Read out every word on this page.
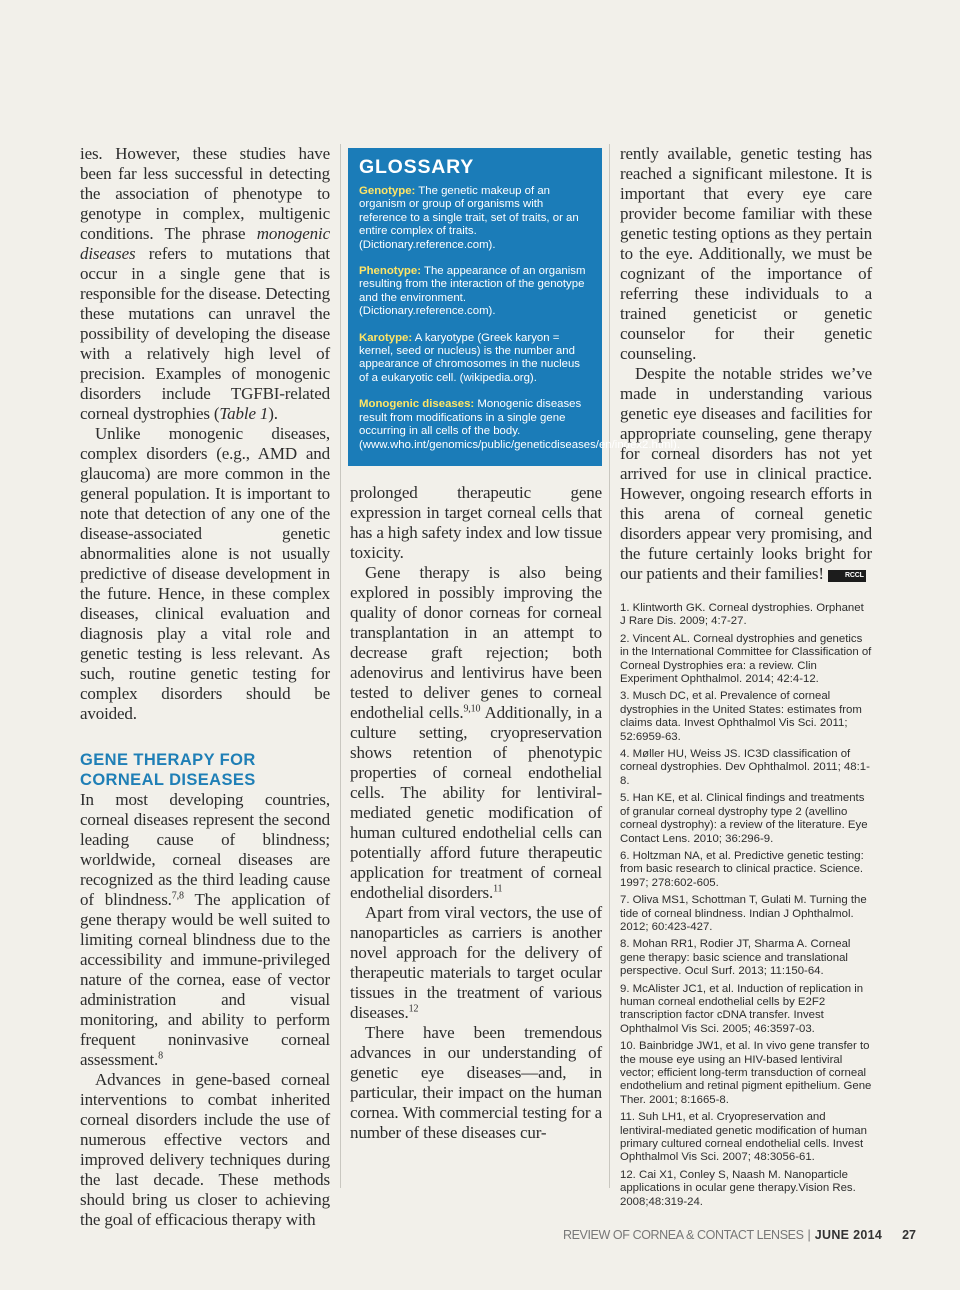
ies. However, these studies have been far less successful in detecting the association of phenotype to genotype in complex, multigenic conditions. The phrase monogenic diseases refers to mutations that occur in a single gene that is responsible for the disease. Detecting these mutations can unravel the possibility of developing the disease with a relatively high level of precision. Examples of monogenic disorders include TGFBI-related corneal dystrophies (Table 1).

Unlike monogenic diseases, complex disorders (e.g., AMD and glaucoma) are more common in the general population. It is important to note that detection of any one of the disease-associated genetic abnormalities alone is not usually predictive of disease development in the future. Hence, in these complex diseases, clinical evaluation and diagnosis play a vital role and genetic testing is less relevant. As such, routine genetic testing for complex disorders should be avoided.

GENE THERAPY FOR
CORNEAL DISEASES

In most developing countries, corneal diseases represent the second leading cause of blindness; worldwide, corneal diseases are recognized as the third leading cause of blindness.$^{7,8}$ The application of gene therapy would be well suited to limiting corneal blindness due to the accessibility and immune-privileged nature of the cornea, ease of vector administration and visual monitoring, and ability to perform frequent noninvasive corneal assessment.$^8$

Advances in gene-based corneal interventions to combat inherited corneal disorders include the use of numerous effective vectors and improved delivery techniques during the last decade. These methods should bring us closer to achieving the goal of efficacious therapy with

GLOSSARY
Genotype: The genetic makeup of an organism or group of organisms with reference to a single trait, set of traits, or an entire complex of traits. (Dictionary.reference.com).
Phenotype: The appearance of an organism resulting from the interaction of the genotype and the environment. (Dictionary.reference.com).
Karotype: A karyotype (Greek karyon = kernel, seed or nucleus) is the number and appearance of chromosomes in the nucleus of a eukaryotic cell. (wikipedia.org).
Monogenic diseases: Monogenic diseases result from modifications in a single gene occurring in all cells of the body. (www.who.int/genomics/public/geneticdiseases/en/index2.html).

prolonged therapeutic gene expression in target corneal cells that has a high safety index and low tissue toxicity.

Gene therapy is also being explored in possibly improving the quality of donor corneas for corneal transplantation in an attempt to decrease graft rejection; both adenovirus and lentivirus have been tested to deliver genes to corneal endothelial cells.$^{9,10}$ Additionally, in a culture setting, cryopreservation shows retention of phenotypic properties of corneal endothelial cells. The ability for lentiviral-mediated genetic modification of human cultured endothelial cells can potentially afford future therapeutic application for treatment of corneal endothelial disorders.$^{11}$

Apart from viral vectors, the use of nanoparticles as carriers is another novel approach for the delivery of therapeutic materials to target ocular tissues in the treatment of various diseases.$^{12}$

There have been tremendous advances in our understanding of genetic eye diseases—and, in particular, their impact on the human cornea. With commercial testing for a number of these diseases cur-

rently available, genetic testing has reached a significant milestone. It is important that every eye care provider become familiar with these genetic testing options as they pertain to the eye. Additionally, we must be cognizant of the importance of referring these individuals to a trained geneticist or genetic counselor for their genetic counseling.

Despite the notable strides we’ve made in understanding various genetic eye diseases and facilities for appropriate counseling, gene therapy for corneal disorders has not yet arrived for use in clinical practice. However, ongoing research efforts in this arena of corneal genetic disorders appear very promising, and the future certainly looks bright for our patients and their families!	RCCL

1. Klintworth GK. Corneal dystrophies. Orphanet J Rare Dis. 2009; 4:7-27.
2. Vincent AL. Corneal dystrophies and genetics in the International Committee for Classification of Corneal Dystrophies era: a review. Clin Experiment Ophthalmol. 2014; 42:4-12.
3. Musch DC, et al. Prevalence of corneal dystrophies in the United States: estimates from claims data. Invest Ophthalmol Vis Sci. 2011; 52:6959-63.
4. Møller HU, Weiss JS. IC3D classification of corneal dystrophies. Dev Ophthalmol. 2011; 48:1-8.
5. Han KE, et al. Clinical findings and treatments of granular corneal dystrophy type 2 (avellino corneal dystrophy): a review of the literature. Eye Contact Lens. 2010; 36:296-9.
6. Holtzman NA, et al. Predictive genetic testing: from basic research to clinical practice. Science. 1997; 278:602-605.
7. Oliva MS1, Schottman T, Gulati M. Turning the tide of corneal blindness. Indian J Ophthalmol. 2012; 60:423-427.
8. Mohan RR1, Rodier JT, Sharma A. Corneal gene therapy: basic science and translational perspective. Ocul Surf. 2013; 11:150-64.
9. McAlister JC1, et al. Induction of replication in human corneal endothelial cells by E2F2 transcription factor cDNA transfer. Invest Ophthalmol Vis Sci. 2005; 46:3597-03.
10. Bainbridge JW1, et al. In vivo gene transfer to the mouse eye using an HIV-based lentiviral vector; efficient long-term transduction of corneal endothelium and retinal pigment epithelium. Gene Ther. 2001; 8:1665-8.
11. Suh LH1, et al. Cryopreservation and lentiviral-mediated genetic modification of human primary cultured corneal endothelial cells. Invest Ophthalmol Vis Sci. 2007; 48:3056-61.
12. Cai X1, Conley S, Naash M. Nanoparticle applications in ocular gene therapy.Vision Res. 2008;48:319-24.
REVIEW OF CORNEA & CONTACT LENSES | JUNE 2014 27
